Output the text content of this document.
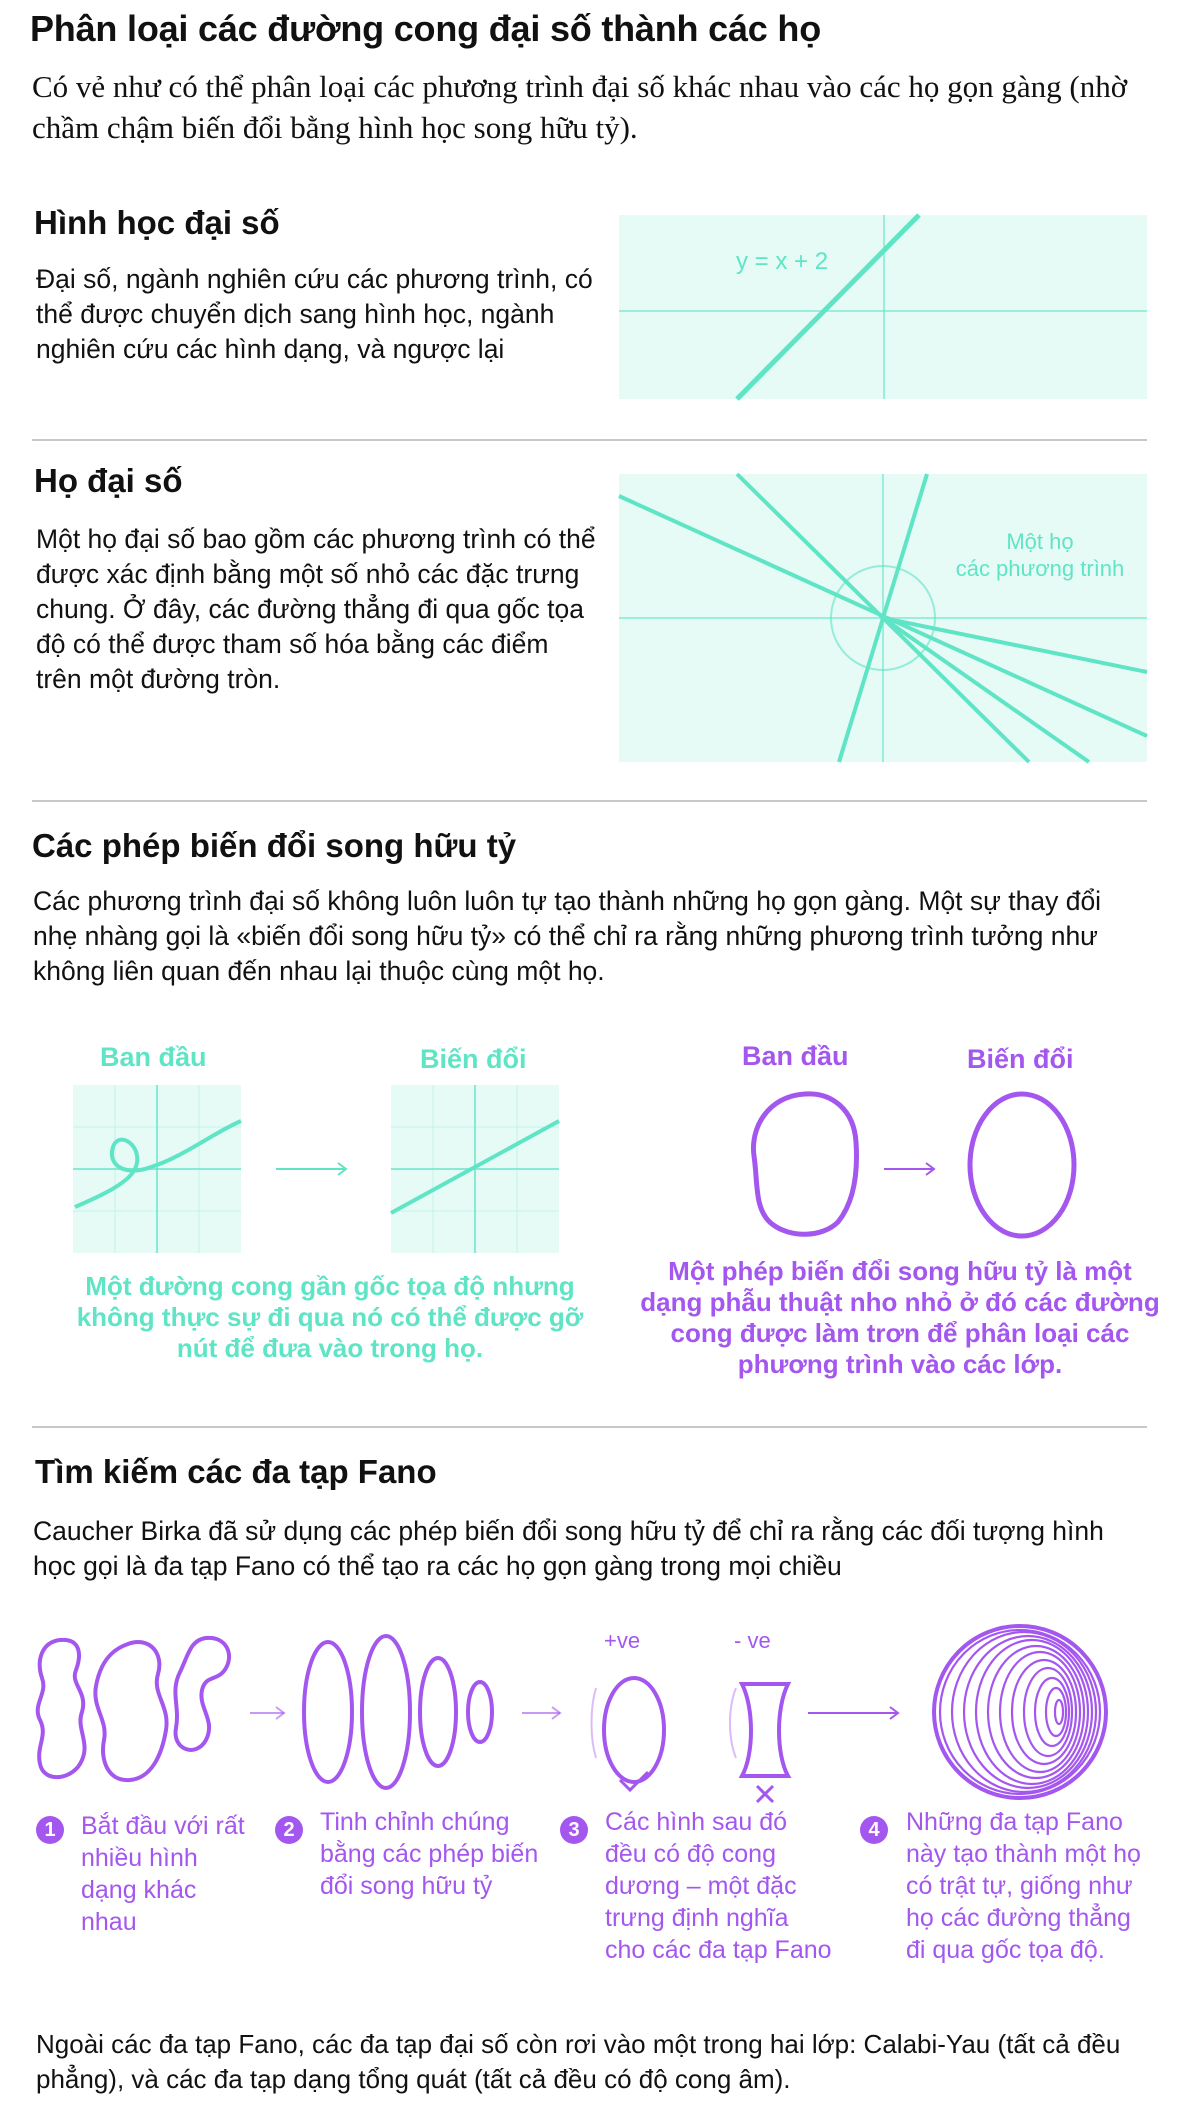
Phân loại các đường cong đại số thành các họ
Có vẻ như có thể phân loại các phương trình đại số khác nhau vào các họ gọn gàng (nhờ chầm chậm biến đổi bằng hình học song hữu tỷ).
Hình học đại số
Đại số, ngành nghiên cứu các phương trình, có thể được chuyển dịch sang hình học, ngành nghiên cứu các hình dạng, và ngược lại
y = x + 2
Họ đại số
Một họ đại số bao gồm các phương trình có thể được xác định bằng một số nhỏ các đặc trưng chung. Ở đây, các đường thẳng đi qua gốc tọa độ có thể được tham số hóa bằng các điểm trên một đường tròn.
Một họ
các phương trình
Các phép biến đổi song hữu tỷ
Các phương trình đại số không luôn luôn tự tạo thành những họ gọn gàng. Một sự thay đổi nhẹ nhàng gọi là «biến đổi song hữu tỷ» có thể chỉ ra rằng những phương trình tưởng như không liên quan đến nhau lại thuộc cùng một họ.
Ban đầu	Biến đổi	Ban đầu	Biến đổi
Một đường cong gần gốc tọa độ nhưng không thực sự đi qua nó có thể được gỡ nút để đưa vào trong họ.
Một phép biến đổi song hữu tỷ là một dạng phẫu thuật nho nhỏ ở đó các đường cong được làm trơn để phân loại các phương trình vào các lớp.
Tìm kiếm các đa tạp Fano
Caucher Birka đã sử dụng các phép biến đổi song hữu tỷ để chỉ ra rằng các đối tượng hình học gọi là đa tạp Fano có thể tạo ra các họ gọn gàng trong mọi chiều
+ve	- ve
1 Bắt đầu với rất nhiều hình dạng khác nhau
2 Tinh chỉnh chúng bằng các phép biến đổi song hữu tỷ
3 Các hình sau đó đều có độ cong dương – một đặc trưng định nghĩa cho các đa tạp Fano
4 Những đa tạp Fano này tạo thành một họ có trật tự, giống như họ các đường thẳng đi qua gốc tọa độ.
Ngoài các đa tạp Fano, các đa tạp đại số còn rơi vào một trong hai lớp: Calabi-Yau (tất cả đều phẳng), và các đa tạp dạng tổng quát (tất cả đều có độ cong âm).
